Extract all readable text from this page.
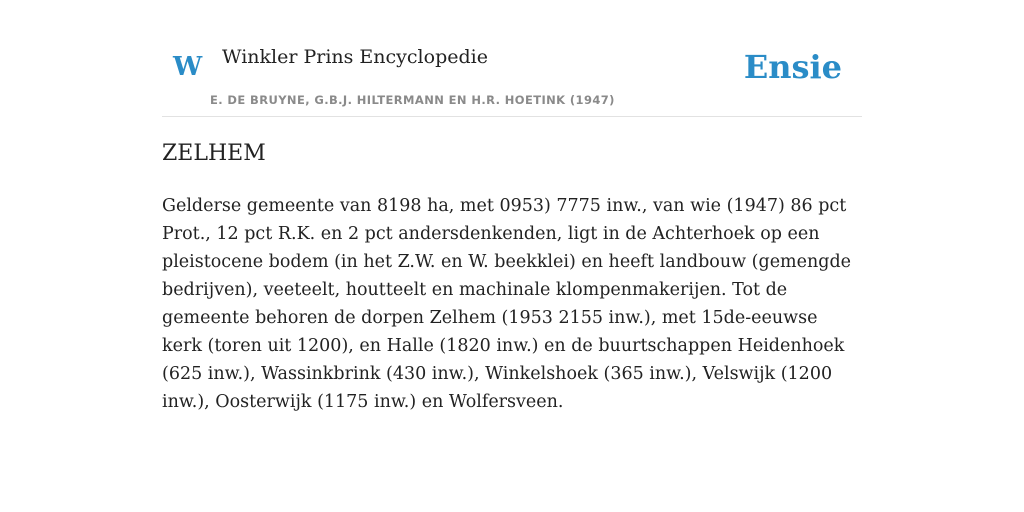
W Winkler Prins Encyclopedie
E. DE BRUYNE, G.B.J. HILTERMANN EN H.R. HOETINK (1947)
Ensie
ZELHEM

Gelderse gemeente van 8198 ha, met 0953) 7775 inw., van wie (1947) 86 pct Prot., 12 pct R.K. en 2 pct andersdenkenden, ligt in de Achterhoek op een pleistocene bodem (in het Z.W. en W. beekklei) en heeft landbouw (gemengde bedrijven), veeteelt, houtteelt en machinale klompenmakerijen. Tot de gemeente behoren de dorpen Zelhem (1953 2155 inw.), met 15de-eeuwse kerk (toren uit 1200), en Halle (1820 inw.) en de buurtschappen Heidenhoek (625 inw.), Wassinkbrink (430 inw.), Winkelshoek (365 inw.), Velswijk (1200 inw.), Oosterwijk (1175 inw.) en Wolfersveen.
